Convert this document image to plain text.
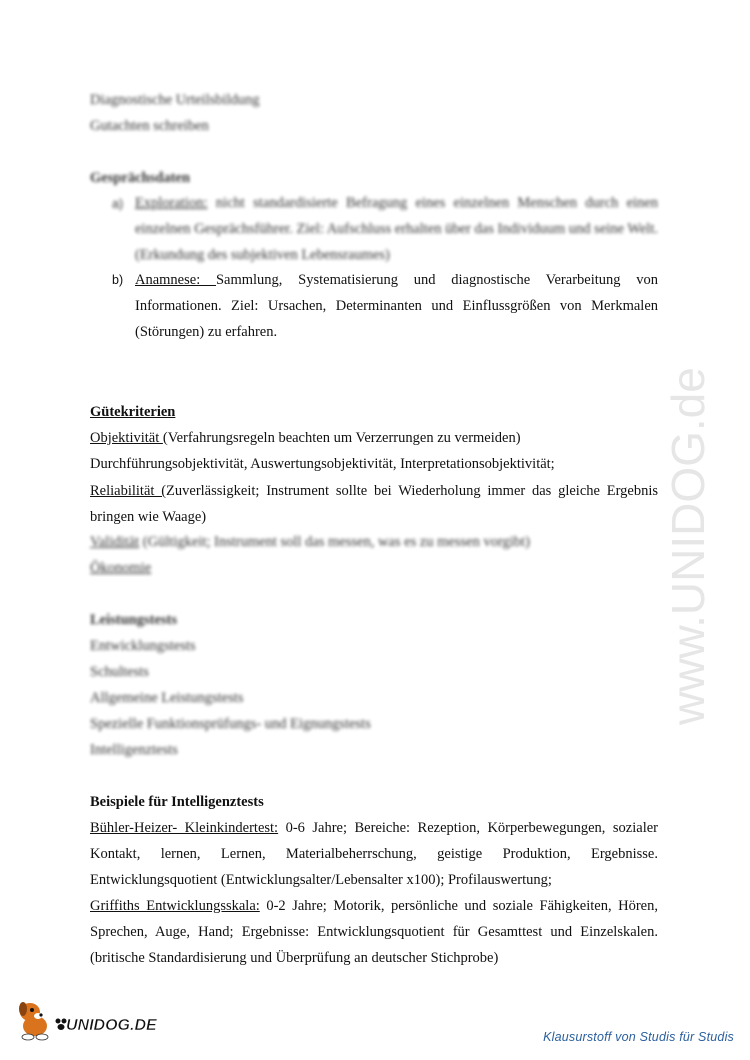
Diagnostische Urteilsbildung
Gutachten schreiben
Gesprächsdaten
a) Exploration: nicht standardisierte Befragung eines einzelnen Menschen durch einen einzelnen Gesprächsführer. Ziel: Aufschluss erhalten über das Individuum und seine Welt. (Erkundung des subjektiven Lebensraumes)
b) Anamnese: Sammlung, Systematisierung und diagnostische Verarbeitung von Informationen. Ziel: Ursachen, Determinanten und Einflussgrößen von Merkmalen (Störungen) zu erfahren.
Gütekriterien
Objektivität (Verfahrungsregeln beachten um Verzerrungen zu vermeiden)
Durchführungsobjektivität, Auswertungsobjektivität, Interpretationsobjektivität;
Reliabilität (Zuverlässigkeit; Instrument sollte bei Wiederholung immer das gleiche Ergebnis bringen wie Waage)
Validität (Gültigkeit; Instrument soll das messen, was es zu messen vorgibt)
Ökonomie
Leistungstests
Entwicklungstests
Schultests
Allgemeine Leistungstests
Spezielle Funktionsprüfungs- und Eignungstests
Intelligenztests
Beispiele für Intelligenztests
Bühler-Heizer- Kleinkindertest: 0-6 Jahre; Bereiche: Rezeption, Körperbewegungen, sozialer Kontakt, lernen, Lernen, Materialbeherrschung, geistige Produktion, Ergebnisse. Entwicklungsquotient (Entwicklungsalter/Lebensalter x100); Profilauswertung;
Griffiths Entwicklungsskala: 0-2 Jahre; Motorik, persönliche und soziale Fähigkeiten, Hören, Sprechen, Auge, Hand; Ergebnisse: Entwicklungsquotient für Gesamttest und Einzelskalen. (britische Standardisierung und Überprüfung an deutscher Stichprobe)
www.UNIDOG.de
UNIDOG.DE
Klausurstoff von Studis für Studis
